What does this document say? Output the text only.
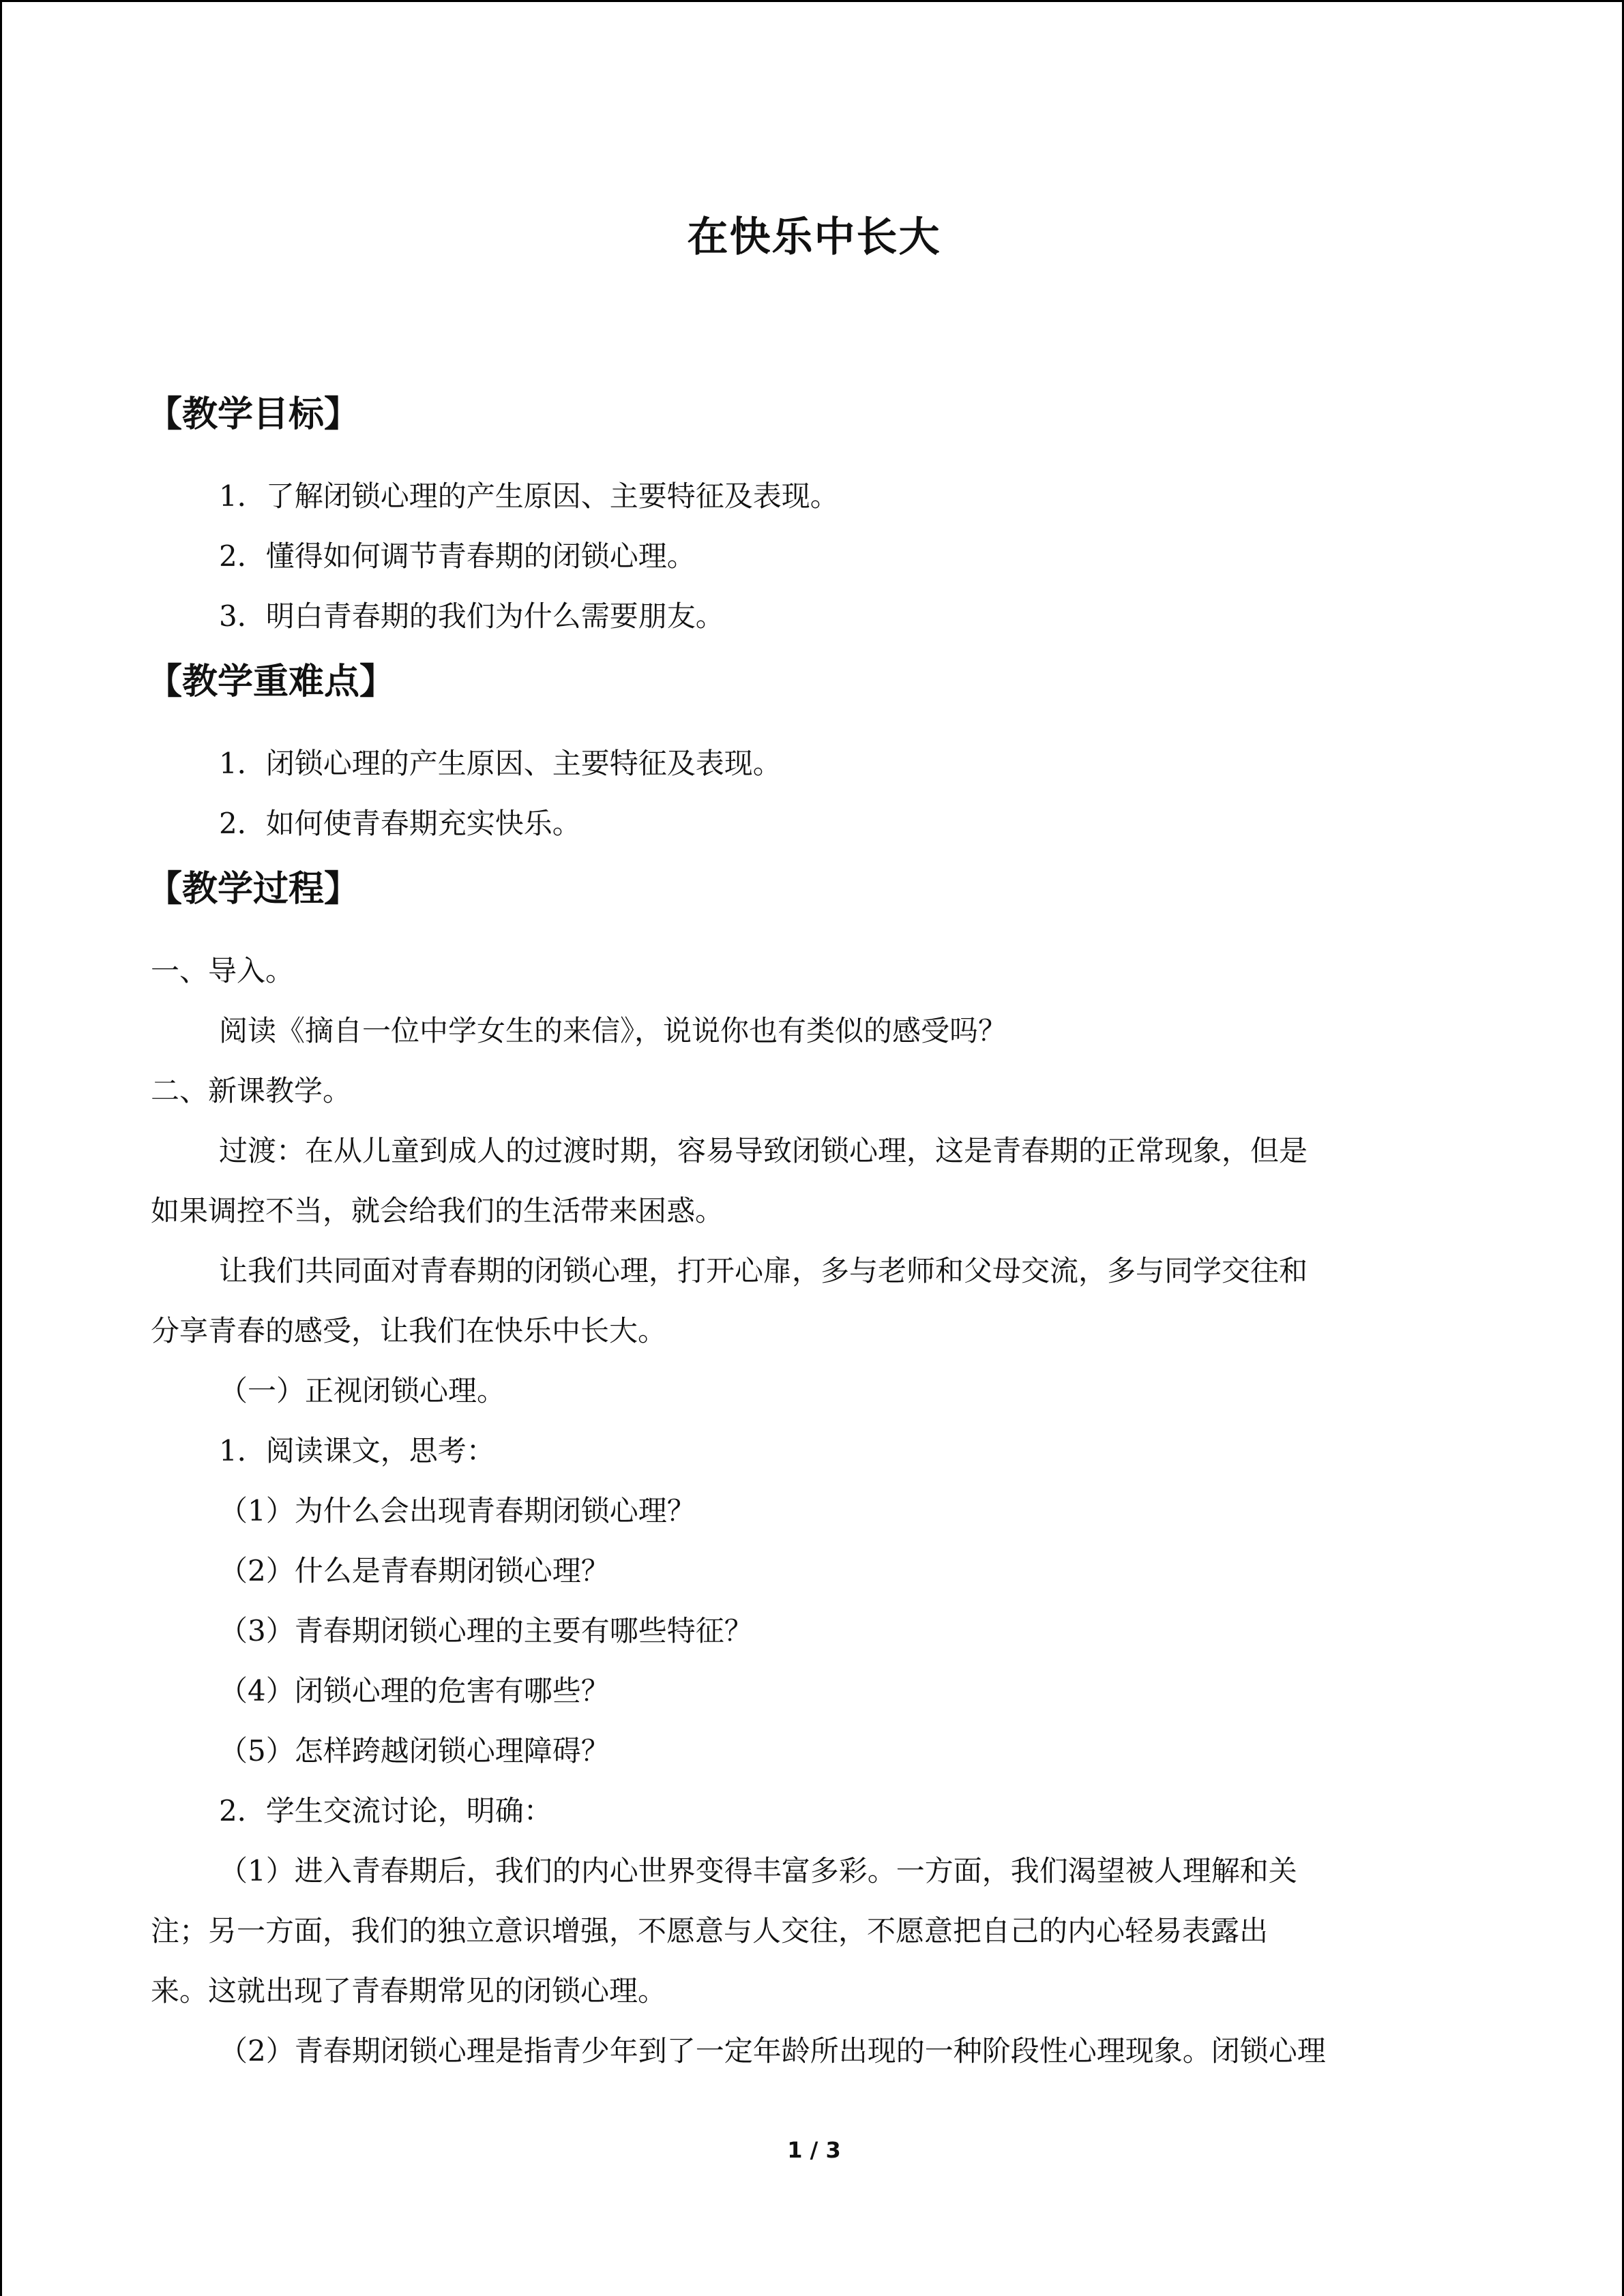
在快乐中长大
【教学目标】
1．了解闭锁心理的产生原因、主要特征及表现。
2．懂得如何调节青春期的闭锁心理。
3．明白青春期的我们为什么需要朋友。
【教学重难点】
1．闭锁心理的产生原因、主要特征及表现。
2．如何使青春期充实快乐。
【教学过程】
一、导入。
阅读《摘自一位中学女生的来信》，说说你也有类似的感受吗？
二、新课教学。
过渡：在从儿童到成人的过渡时期，容易导致闭锁心理，这是青春期的正常现象，但是
如果调控不当，就会给我们的生活带来困惑。
让我们共同面对青春期的闭锁心理，打开心扉，多与老师和父母交流，多与同学交往和
分享青春的感受，让我们在快乐中长大。
（一）正视闭锁心理。
1．阅读课文，思考：
（1）为什么会出现青春期闭锁心理？
（2）什么是青春期闭锁心理？
（3）青春期闭锁心理的主要有哪些特征？
（4）闭锁心理的危害有哪些？
（5）怎样跨越闭锁心理障碍？
2．学生交流讨论，明确：
（1）进入青春期后，我们的内心世界变得丰富多彩。一方面，我们渴望被人理解和关
注；另一方面，我们的独立意识增强，不愿意与人交往，不愿意把自己的内心轻易表露出
来。这就出现了青春期常见的闭锁心理。
（2）青春期闭锁心理是指青少年到了一定年龄所出现的一种阶段性心理现象。闭锁心理
1 / 3
